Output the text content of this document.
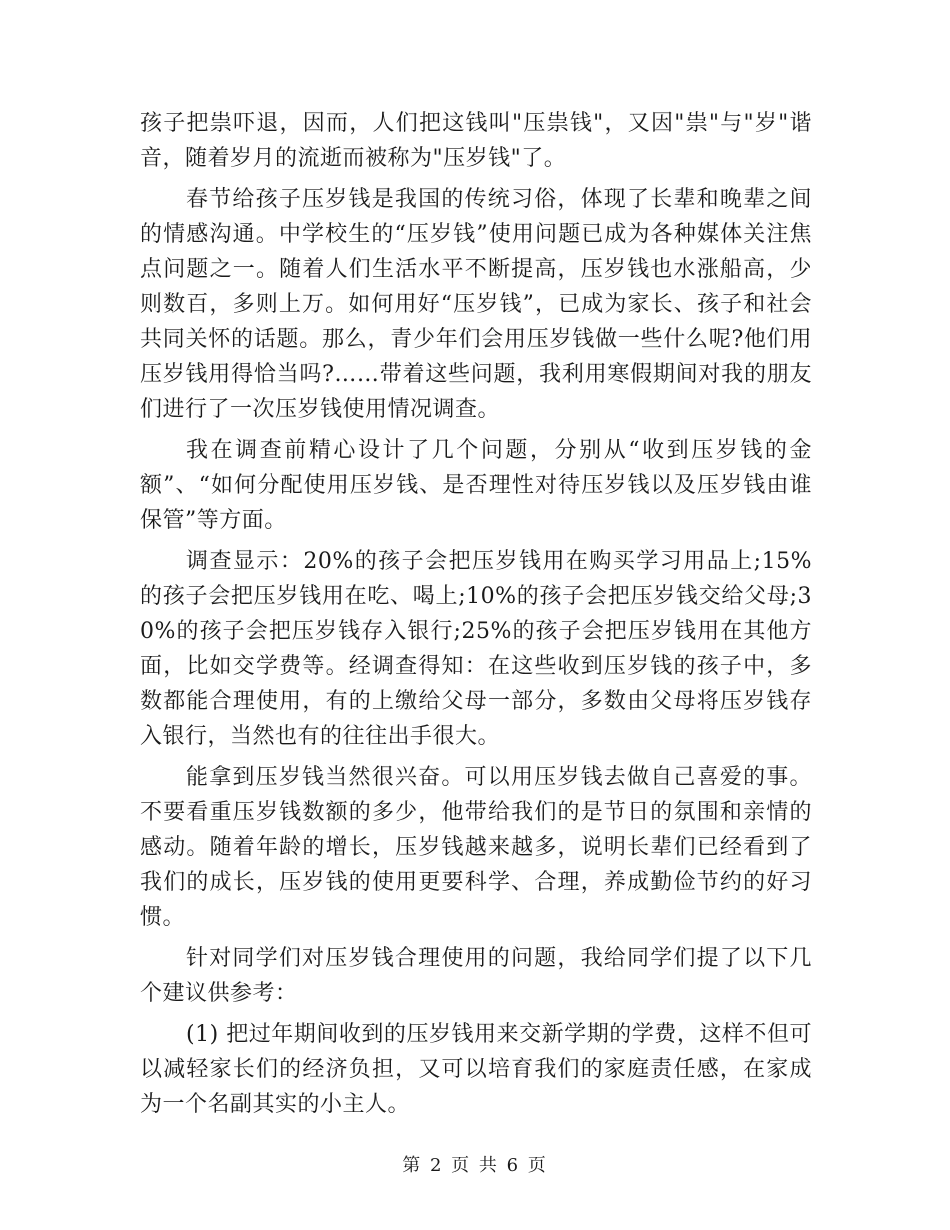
孩子把祟吓退，因而，人们把这钱叫"压祟钱"，又因"祟"与"岁"谐音，随着岁月的流逝而被称为"压岁钱"了。

春节给孩子压岁钱是我国的传统习俗，体现了长辈和晚辈之间的情感沟通。中学校生的“压岁钱”使用问题已成为各种媒体关注焦点问题之一。随着人们生活水平不断提高，压岁钱也水涨船高，少则数百，多则上万。如何用好“压岁钱”，已成为家长、孩子和社会共同关怀的话题。那么，青少年们会用压岁钱做一些什么呢?他们用压岁钱用得恰当吗?……带着这些问题，我利用寒假期间对我的朋友们进行了一次压岁钱使用情况调查。

我在调查前精心设计了几个问题，分别从“收到压岁钱的金额”、“如何分配使用压岁钱、是否理性对待压岁钱以及压岁钱由谁保管”等方面。

调查显示：20%的孩子会把压岁钱用在购买学习用品上;15%的孩子会把压岁钱用在吃、喝上;10%的孩子会把压岁钱交给父母;30%的孩子会把压岁钱存入银行;25%的孩子会把压岁钱用在其他方面，比如交学费等。经调查得知：在这些收到压岁钱的孩子中，多数都能合理使用，有的上缴给父母一部分，多数由父母将压岁钱存入银行，当然也有的往往出手很大。

能拿到压岁钱当然很兴奋。可以用压岁钱去做自己喜爱的事。不要看重压岁钱数额的多少，他带给我们的是节日的氛围和亲情的感动。随着年龄的增长，压岁钱越来越多，说明长辈们已经看到了我们的成长，压岁钱的使用更要科学、合理，养成勤俭节约的好习惯。

针对同学们对压岁钱合理使用的问题，我给同学们提了以下几个建议供参考：

(1) 把过年期间收到的压岁钱用来交新学期的学费，这样不但可以减轻家长们的经济负担，又可以培育我们的家庭责任感，在家成为一个名副其实的小主人。

第 2 页 共 6 页
